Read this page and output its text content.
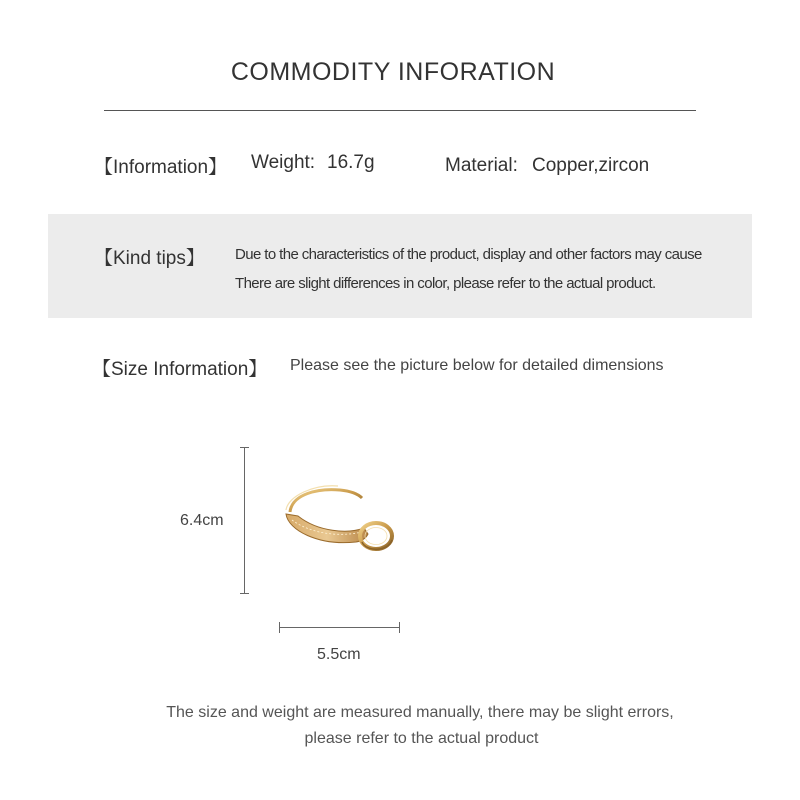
COMMODITY INFORATION
【Information】 Weight: 16.7g	Material: Copper,zircon
【Kind tips】 Due to the characteristics of the product, display and other factors may cause
There are slight differences in color, please refer to the actual product.
【Size Information】 Please see the picture below for detailed dimensions
6.4cm
5.5cm
The size and weight are measured manually, there may be slight errors,
please refer to the actual product
